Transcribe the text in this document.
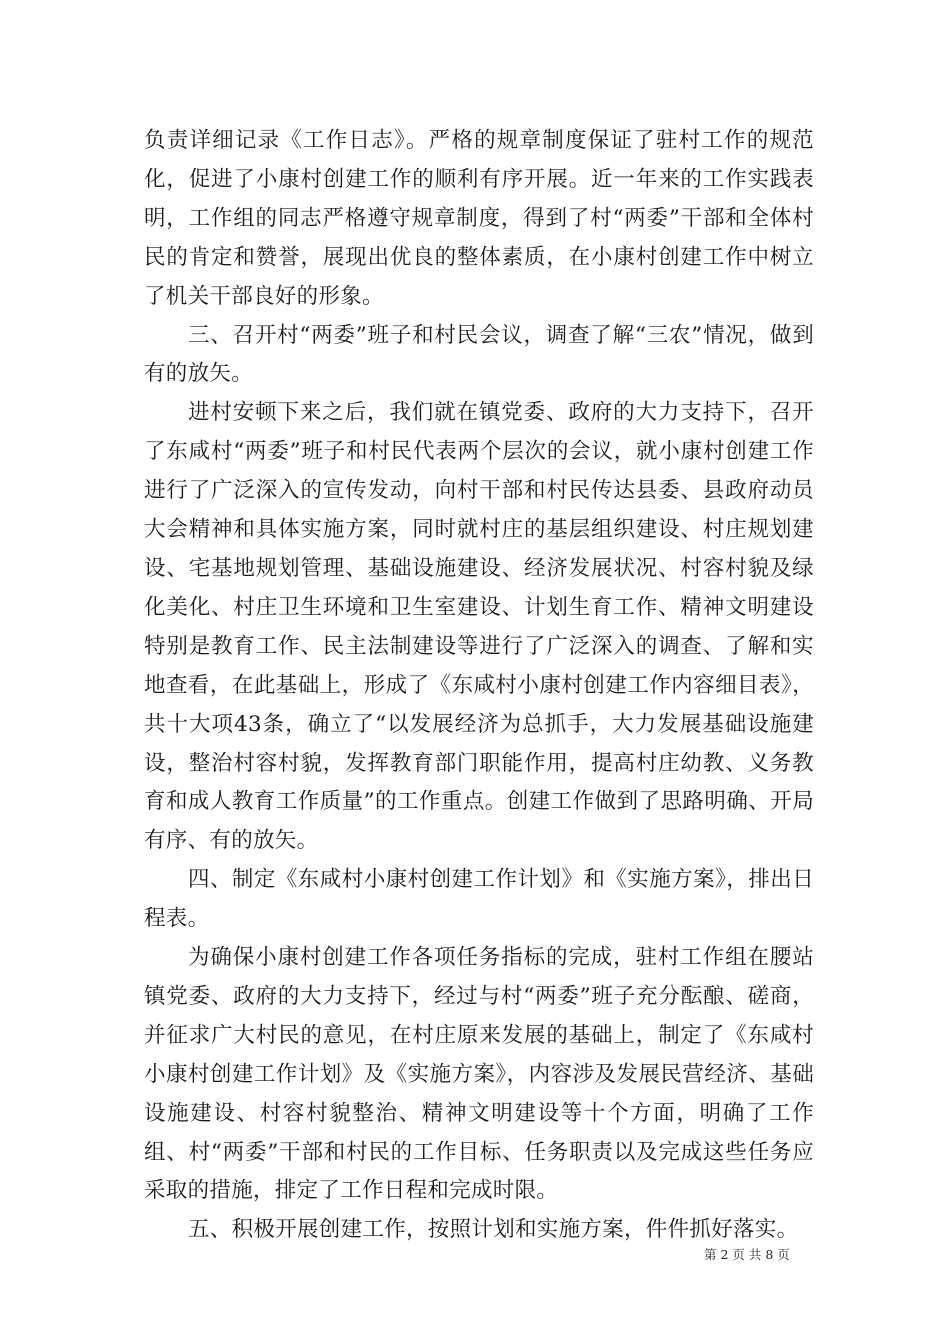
负责详细记录《工作日志》。严格的规章制度保证了驻村工作的规范化，促进了小康村创建工作的顺利有序开展。近一年来的工作实践表明，工作组的同志严格遵守规章制度，得到了村“两委”干部和全体村民的肯定和赞誉，展现出优良的整体素质，在小康村创建工作中树立了机关干部良好的形象。

三、召开村“两委”班子和村民会议，调查了解“三农”情况，做到有的放矢。

进村安顿下来之后，我们就在镇党委、政府的大力支持下，召开了东咸村“两委”班子和村民代表两个层次的会议，就小康村创建工作进行了广泛深入的宣传发动，向村干部和村民传达县委、县政府动员大会精神和具体实施方案，同时就村庄的基层组织建设、村庄规划建设、宅基地规划管理、基础设施建设、经济发展状况、村容村貌及绿化美化、村庄卫生环境和卫生室建设、计划生育工作、精神文明建设特别是教育工作、民主法制建设等进行了广泛深入的调查、了解和实地查看，在此基础上，形成了《东咸村小康村创建工作内容细目表》，共十大项43条，确立了“以发展经济为总抓手，大力发展基础设施建设，整治村容村貌，发挥教育部门职能作用，提高村庄幼教、义务教育和成人教育工作质量”的工作重点。创建工作做到了思路明确、开局有序、有的放矢。

四、制定《东咸村小康村创建工作计划》和《实施方案》，排出日程表。

为确保小康村创建工作各项任务指标的完成，驻村工作组在腰站镇党委、政府的大力支持下，经过与村“两委”班子充分酝酿、磋商，并征求广大村民的意见，在村庄原来发展的基础上，制定了《东咸村小康村创建工作计划》及《实施方案》，内容涉及发展民营经济、基础设施建设、村容村貌整治、精神文明建设等十个方面，明确了工作组、村“两委”干部和村民的工作目标、任务职责以及完成这些任务应采取的措施，排定了工作日程和完成时限。

五、积极开展创建工作，按照计划和实施方案，件件抓好落实。

第 2 页 共 8 页
